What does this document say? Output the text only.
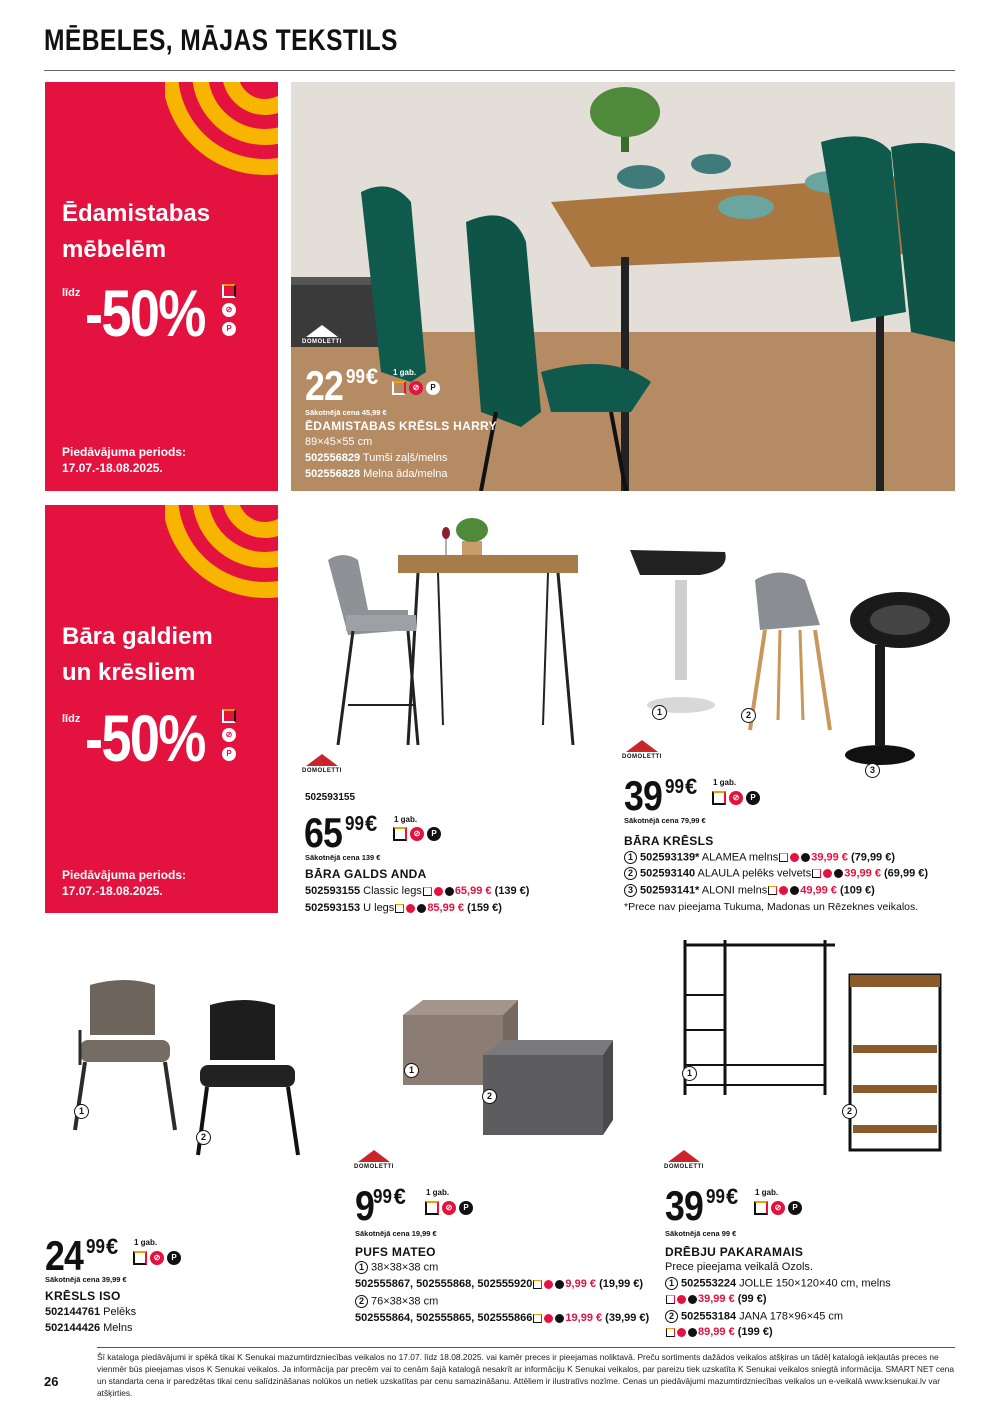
MĒBELES, MĀJAS TEKSTILS
Ēdamistabas
mēbelēm
līdz -50%	⊘
P
Piedāvājuma periods:
17.07.-18.08.2025.
DOMOLETTI
22 99 € 1 gab.
⊘	P
Sākotnējā cena 45,99 €
ĒDAMISTABAS KRĒSLS HARRY
89×45×55 cm
502556829 Tumši zaļš/melns
502556828 Melna āda/melna
Bāra galdiem
un krēsliem
līdz -50%	⊘
P
Piedāvājuma periods:
17.07.-18.08.2025.
DOMOLETTI
502593155
65 99 € 1 gab.
⊘	P
Sākotnējā cena 139 €
BĀRA GALDS ANDA
502593155 Classic legs	65,99 € (139 €)
502593153 U legs	85,99 € (159 €)
1	2
3
DOMOLETTI
39 99 € 1 gab.
⊘	P
Sākotnējā cena 79,99 €
BĀRA KRĒSLS
1 502593139* ALAMEA melns	39,99 € (79,99 €)
2 502593140 ALAULA pelēks velvets	39,99 € (69,99 €)
3 502593141* ALONI melns	49,99 € (109 €)
*Prece nav pieejama Tukuma, Madonas un Rēzeknes veikalos.
1
2
24 99 € 1 gab.
⊘	P
Sākotnējā cena 39,99 €
KRĒSLS ISO
502144761 Pelēks
502144426 Melns
1
2
DOMOLETTI
9 99 €	1 gab.
⊘	P
Sākotnējā cena 19,99 €
PUFS MATEO
1 38×38×38 cm
502555867, 502555868, 502555920	9,99 € (19,99 €)
2 76×38×38 cm
502555864, 502555865, 502555866	19,99 € (39,99 €)
1
2
DOMOLETTI
39 99 € 1 gab.
⊘	P
Sākotnējā cena 99 €
DRĒBJU PAKARAMAIS
Prece pieejama veikalā Ozols.
1 502553224 JOLLE 150×120×40 cm, melns
39,99 € (99 €)
2 502553184 JANA 178×96×45 cm
89,99 € (199 €)
Šī kataloga piedāvājumi ir spēkā tikai K Senukai mazumtirdzniecības veikalos no 17.07. līdz 18.08.2025. vai kamēr preces ir pieejamas noliktavā. Preču sortiments dažādos veikalos atšķiras un tādēļ katalogā iekļautās preces ne vienmēr būs pieejamas visos K Senukai veikalos. Ja informācija par precēm vai to cenām šajā katalogā nesakrīt ar informāciju K Senukai veikalos, par pareizu tiek uzskatīta K Senukai veikalos sniegtā informācija. SMART NET cena un standarta cena ir paredzētas tikai cenu salīdzināšanas nolūkos un netiek uzskatītas par cenu samazināšanu. Attēliem ir ilustratīvs nozīme. Cenas un piedāvājumi mazumtirdzniecības veikalos un e-veikalā www.ksenukai.lv var atšķirties.
26
